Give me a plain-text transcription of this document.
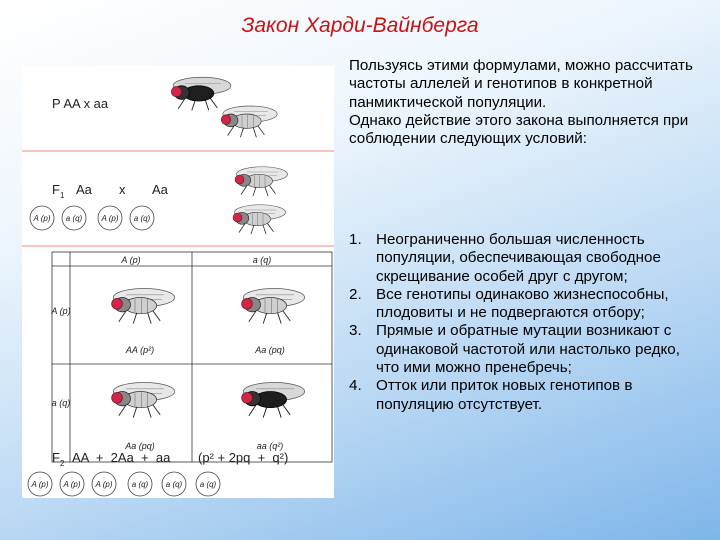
Закон Харди-Вайнберга
P AA x aa
$F_1$ Aa x Aa
A (p) a (q) A (p) a (q)
A (p)	a (q)
A (p)
a (q)
AA (p²)	Aa (pq)
Aa (pq)	aa (q²)
$F_2$ AA  +  2Aa  +  aa (p² + 2pq  +  q²)
A (p) A (p) A (p) a (q) a (q) a (q)

Пользуясь этими формулами, можно рассчитать частоты аллелей и генотипов в конкретной панмиктической популяции.

Однако действие этого закона выполняется при соблюдении следующих условий:

1. Неограниченно большая численность популяции, обеспечивающая свободное скрещивание особей друг с другом;
2. Все генотипы одинаково жизнеспособны, плодовиты и не подвергаются отбору;
3. Прямые и обратные мутации возникают с одинаковой частотой или настолько редко, что ими можно пренебречь;
4. Отток или приток новых генотипов в популяцию отсутствует.
